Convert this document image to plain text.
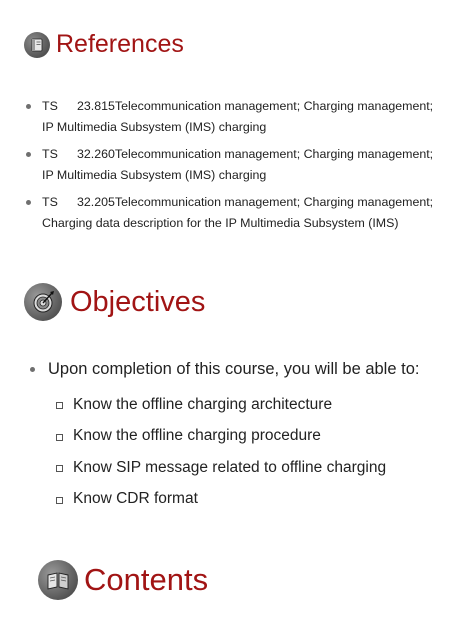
References
TS 23.815Telecommunication management; Charging management;
IP Multimedia Subsystem (IMS) charging
TS 32.260Telecommunication management; Charging management;
IP Multimedia Subsystem (IMS) charging
TS 32.205Telecommunication management; Charging management;
Charging data description for the IP Multimedia Subsystem (IMS)
Objectives
Upon completion of this course, you will be able to:
Know the offline charging architecture
Know the offline charging procedure
Know SIP message related to offline charging
Know CDR format
Contents
